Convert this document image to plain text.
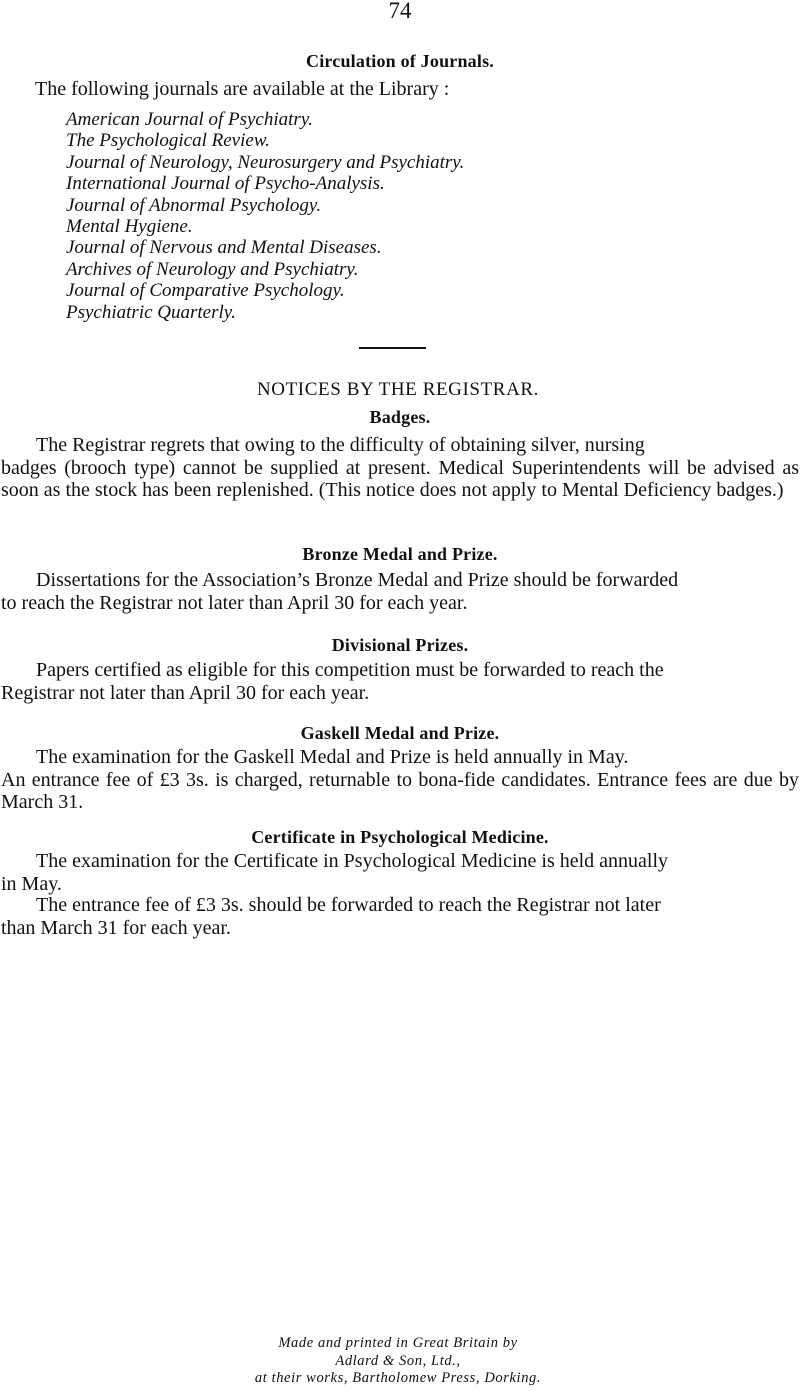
74
Circulation of Journals.
The following journals are available at the Library :
American Journal of Psychiatry.
The Psychological Review.
Journal of Neurology, Neurosurgery and Psychiatry.
International Journal of Psycho-Analysis.
Journal of Abnormal Psychology.
Mental Hygiene.
Journal of Nervous and Mental Diseases.
Archives of Neurology and Psychiatry.
Journal of Comparative Psychology.
Psychiatric Quarterly.
NOTICES BY THE REGISTRAR.
Badges.
The Registrar regrets that owing to the difficulty of obtaining silver, nursing
badges (brooch type) cannot be supplied at present. Medical Superintendents will be advised as soon as the stock has been replenished. (This notice does not apply to Mental Deficiency badges.)
Bronze Medal and Prize.
Dissertations for the Association’s Bronze Medal and Prize should be forwarded
to reach the Registrar not later than April 30 for each year.
Divisional Prizes.
Papers certified as eligible for this competition must be forwarded to reach the
Registrar not later than April 30 for each year.
Gaskell Medal and Prize.
The examination for the Gaskell Medal and Prize is held annually in May.
An entrance fee of £3 3s. is charged, returnable to bona-fide candidates. Entrance fees are due by March 31.
Certificate in Psychological Medicine.
The examination for the Certificate in Psychological Medicine is held annually
in May.
The entrance fee of £3 3s. should be forwarded to reach the Registrar not later
than March 31 for each year.
Made and printed in Great Britain by
Adlard & Son, Ltd.,
at their works, Bartholomew Press, Dorking.
